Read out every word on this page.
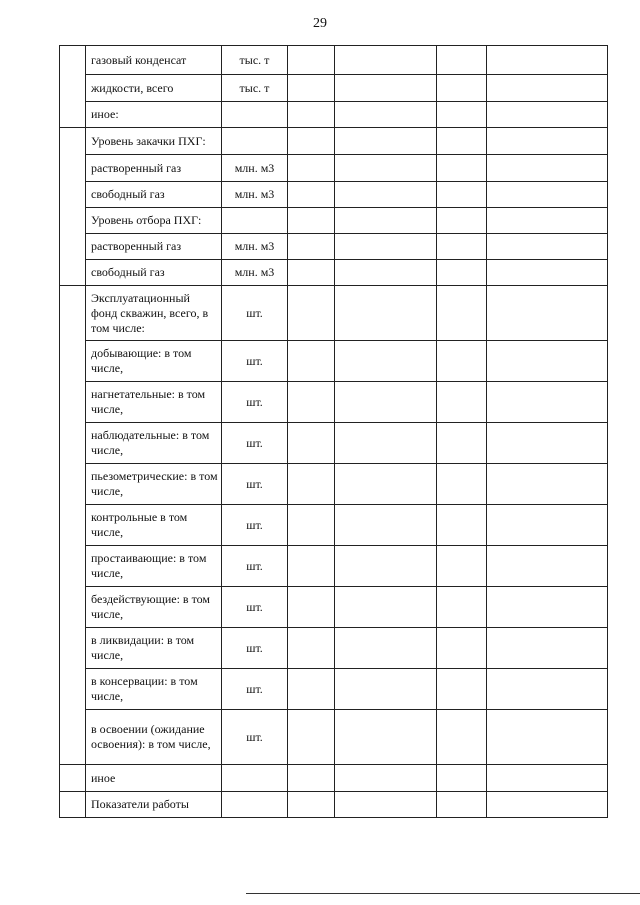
29
	газовый конденсат	тыс. т				
	жидкости, всего	тыс. т				
	иное:					
	Уровень закачки ПХГ:					
	растворенный газ	млн. м3				
	свободный газ	млн. м3				
	Уровень отбора ПХГ:					
	растворенный газ	млн. м3				
	свободный газ	млн. м3				
	Эксплуатационный фонд скважин, всего, в том числе:	шт.				
	добывающие: в том числе,	шт.				
	нагнетательные: в том числе,	шт.				
	наблюдательные: в том числе,	шт.				
	пьезометрические: в том числе,	шт.				
	контрольные в том числе,	шт.				
	простаивающие: в том числе,	шт.				
	бездействующие: в том числе,	шт.				
	в ликвидации: в том числе,	шт.				
	в консервации: в том числе,	шт.				
	в освоении (ожидание освоения): в том числе,	шт.				
	иное					
	Показатели работы					
